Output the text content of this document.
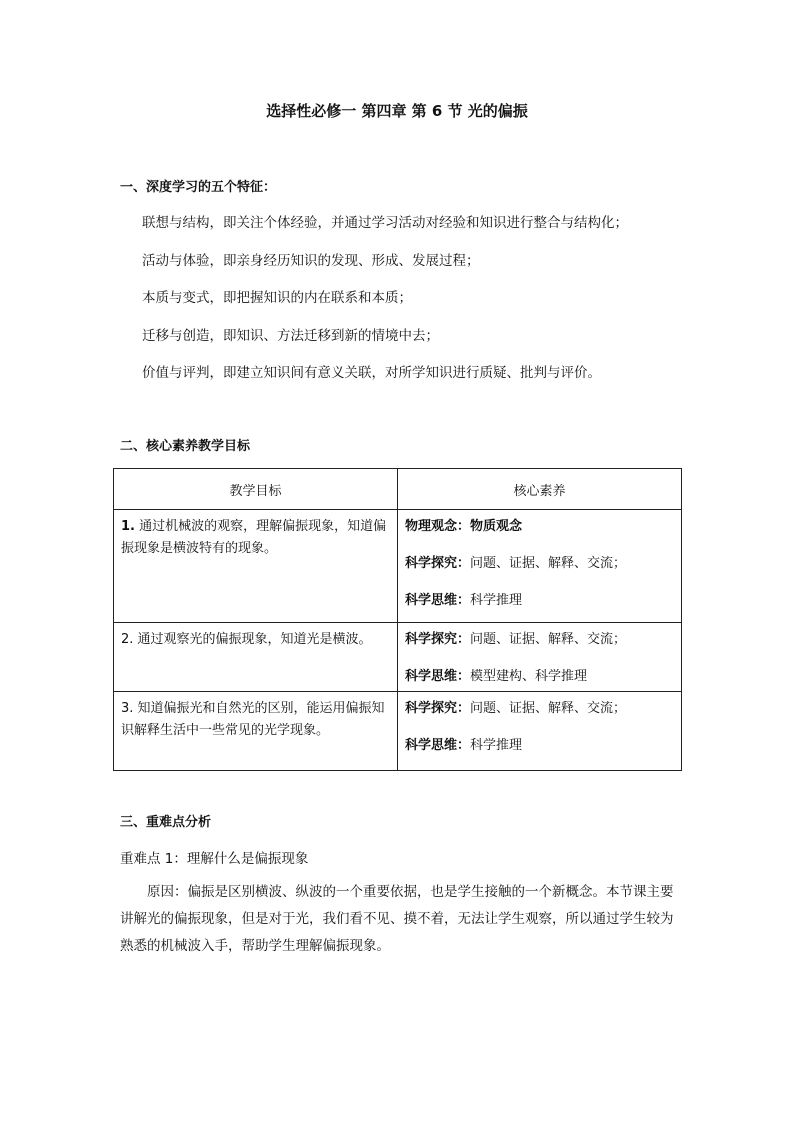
选择性必修一 第四章 第 6 节 光的偏振
一、深度学习的五个特征：
联想与结构，即关注个体经验，并通过学习活动对经验和知识进行整合与结构化；
活动与体验，即亲身经历知识的发现、形成、发展过程；
本质与变式，即把握知识的内在联系和本质；
迁移与创造，即知识、方法迁移到新的情境中去；
价值与评判，即建立知识间有意义关联，对所学知识进行质疑、批判与评价。
二、核心素养教学目标
教学目标	核心素养
1. 通过机械波的观察，理解偏振现象，知道偏振现象是横波特有的现象。	物理观念：物质观念
科学探究：问题、证据、解释、交流；
科学思维：科学推理

2. 通过观察光的偏振现象，知道光是横波。	科学探究：问题、证据、解释、交流；
科学思维：模型建构、科学推理

3. 知道偏振光和自然光的区别，能运用偏振知识解释生活中一些常见的光学现象。	科学探究：问题、证据、解释、交流；
科学思维：科学推理
三、重难点分析
重难点 1：理解什么是偏振现象
原因：偏振是区别横波、纵波的一个重要依据，也是学生接触的一个新概念。本节课主要讲解光的偏振现象，但是对于光，我们看不见、摸不着，无法让学生观察，所以通过学生较为熟悉的机械波入手，帮助学生理解偏振现象。
